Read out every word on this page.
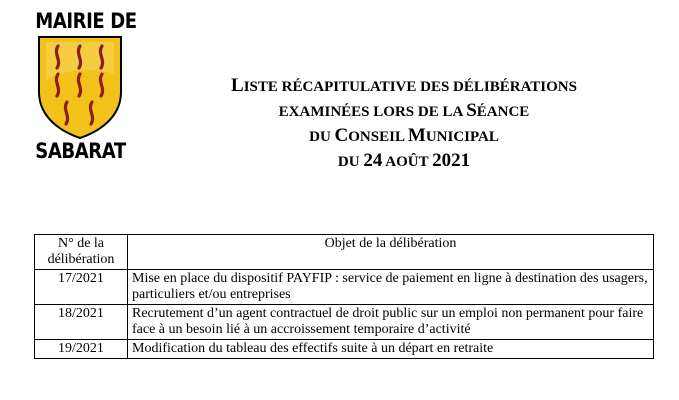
MAIRIE DE
SABARAT
LISTE RÉCAPITULATIVE DES DÉLIBÉRATIONS
EXAMINÉES LORS DE LA SÉANCE
DU CONSEIL MUNICIPAL
DU 24 AOÛT 2021
N° de la délibération	Objet de la délibération
17/2021	Mise en place du dispositif PAYFIP : service de paiement en ligne à destination des usagers, particuliers et/ou entreprises
18/2021	Recrutement d’un agent contractuel de droit public sur un emploi non permanent pour faire face à un besoin lié à un accroissement temporaire d’activité
19/2021	Modification du tableau des effectifs suite à un départ en retraite
